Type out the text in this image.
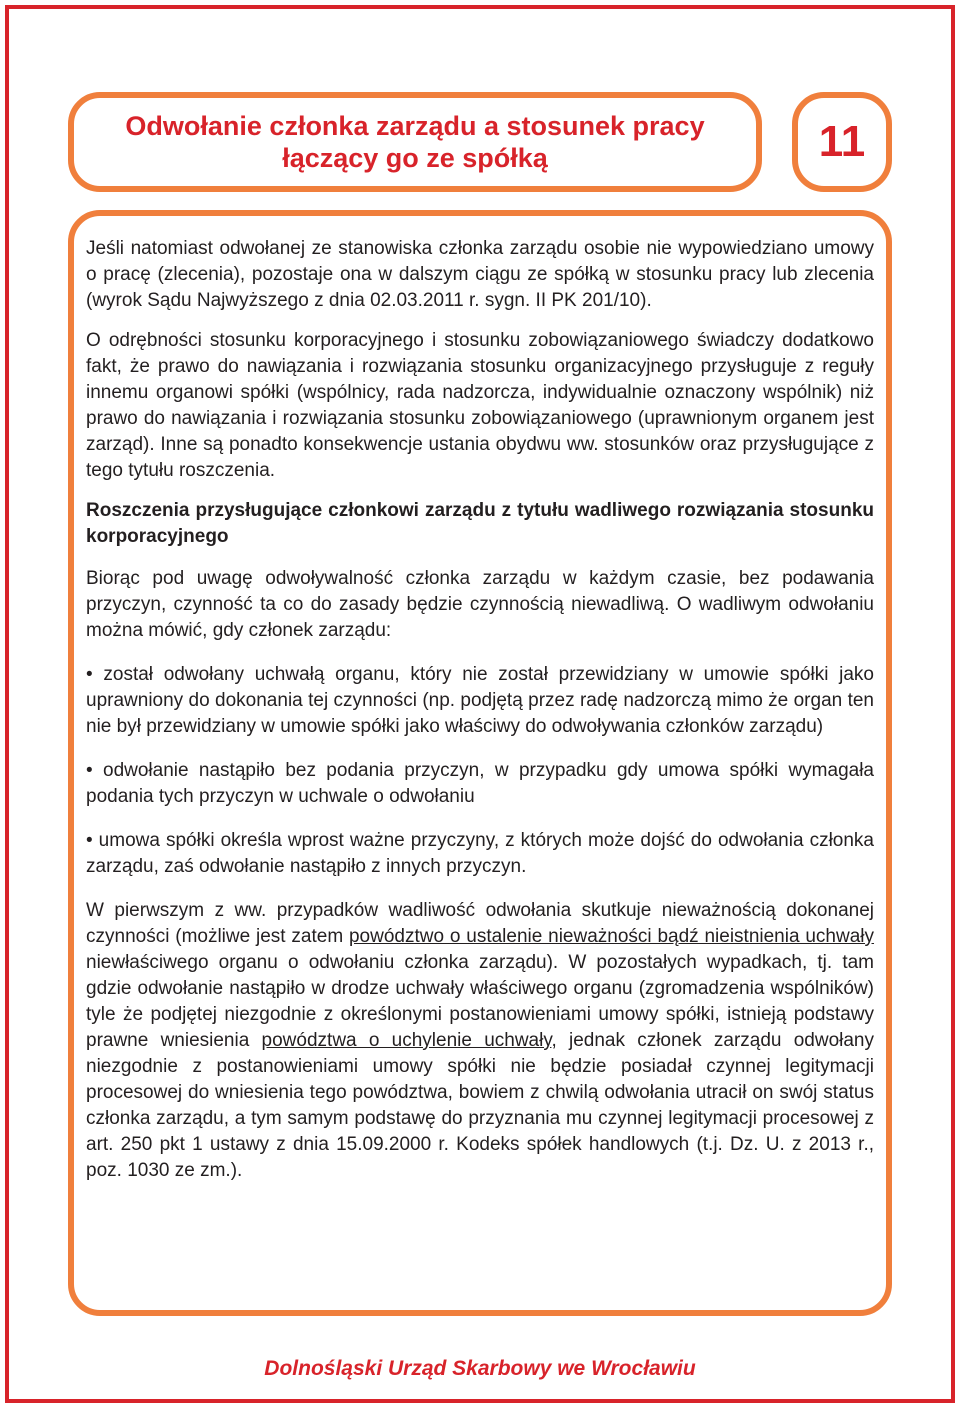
Odwołanie członka zarządu a stosunek pracy
łączący go ze spółką	11

Jeśli natomiast odwołanej ze stanowiska członka zarządu osobie nie wypowiedziano umowy o pracę (zlecenia), pozostaje ona w dalszym ciągu ze spółką w stosunku pracy lub zlecenia (wyrok Sądu Najwyższego z dnia 02.03.2011 r. sygn. II PK 201/10).

O odrębności stosunku korporacyjnego i stosunku zobowiązaniowego świadczy dodatkowo fakt, że prawo do nawiązania i rozwiązania stosunku organizacyjnego przysługuje z reguły innemu organowi spółki (wspólnicy, rada nadzorcza, indywidualnie oznaczony wspólnik) niż prawo do nawiązania i rozwiązania stosunku zobowiązaniowego (uprawnionym organem jest zarząd). Inne są ponadto konsekwencje ustania obydwu ww. stosunków oraz przysługujące z tego tytułu roszczenia.

Roszczenia przysługujące członkowi zarządu z tytułu wadliwego rozwiązania stosunku korporacyjnego

Biorąc pod uwagę odwoływalność członka zarządu w każdym czasie, bez podawania przyczyn, czynność ta co do zasady będzie czynnością niewadliwą. O wadliwym odwołaniu można mówić, gdy członek zarządu:

• został odwołany uchwałą organu, który nie został przewidziany w umowie spółki jako uprawniony do dokonania tej czynności (np. podjętą przez radę nadzorczą mimo że organ ten nie był przewidziany w umowie spółki jako właściwy do odwoływania członków zarządu)

• odwołanie nastąpiło bez podania przyczyn, w przypadku gdy umowa spółki wymagała podania tych przyczyn w uchwale o odwołaniu

• umowa spółki określa wprost ważne przyczyny, z których może dojść do odwołania członka zarządu, zaś odwołanie nastąpiło z innych przyczyn.

W pierwszym z ww. przypadków wadliwość odwołania skutkuje nieważnością dokonanej czynności (możliwe jest zatem powództwo o ustalenie nieważności bądź nieistnienia uchwały niewłaściwego organu o odwołaniu członka zarządu). W pozostałych wypadkach, tj. tam gdzie odwołanie nastąpiło w drodze uchwały właściwego organu (zgromadzenia wspólników) tyle że podjętej niezgodnie z określonymi postanowieniami umowy spółki, istnieją podstawy prawne wniesienia powództwa o uchylenie uchwały, jednak członek zarządu odwołany niezgodnie z postanowieniami umowy spółki nie będzie posiadał czynnej legitymacji procesowej do wniesienia tego powództwa, bowiem z chwilą odwołania utracił on swój status członka zarządu, a tym samym podstawę do przyznania mu czynnej legitymacji procesowej z art. 250 pkt 1 ustawy z dnia 15.09.2000 r. Kodeks spółek handlowych (t.j. Dz. U. z 2013 r., poz. 1030 ze zm.).

Dolnośląski Urząd Skarbowy we Wrocławiu
